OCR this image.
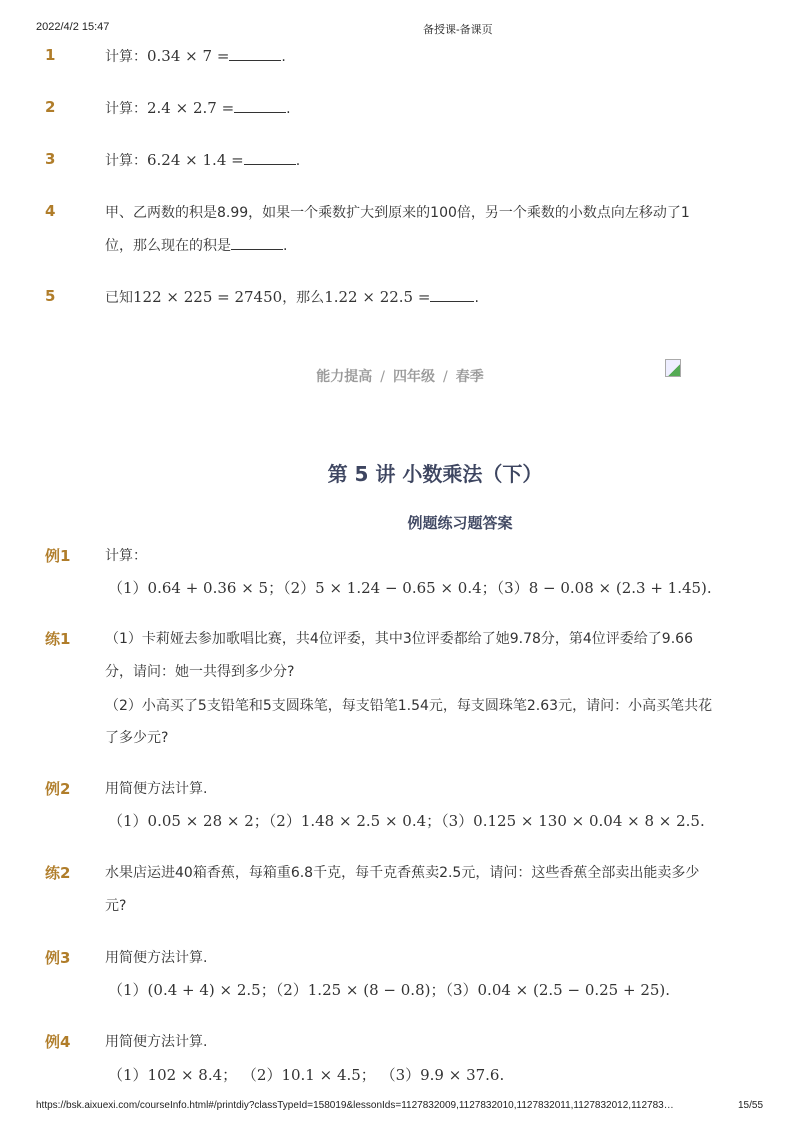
2022/4/2 15:47	备授课-备课页
1	计算：0.34 × 7 =	.
2	计算：2.4 × 2.7 =	.
3	计算：6.24 × 1.4 =	.
4	甲、乙两数的积是8.99，如果一个乘数扩大到原来的100倍，另一个乘数的小数点向左移动了1
位，那么现在的积是	.
5	已知122 × 225 = 27450，那么1.22 × 22.5 =	.
能力提高 / 四年级 / 春季
第 5 讲 小数乘法（下）
例题练习题答案
例1 计算：
（1）0.64 + 0.36 × 5；（2）5 × 1.24 − 0.65 × 0.4；（3）8 − 0.08 × (2.3 + 1.45).
练1 （1）卡莉娅去参加歌唱比赛，共4位评委，其中3位评委都给了她9.78分，第4位评委给了9.66
分，请问：她一共得到多少分?
（2）小高买了5支铅笔和5支圆珠笔，每支铅笔1.54元，每支圆珠笔2.63元，请问：小高买笔共花
了多少元?
例2 用简便方法计算.
（1）0.05 × 28 × 2；（2）1.48 × 2.5 × 0.4；（3）0.125 × 130 × 0.04 × 8 × 2.5.
练2 水果店运进40箱香蕉，每箱重6.8千克，每千克香蕉卖2.5元，请问：这些香蕉全部卖出能卖多少
元?
例3 用简便方法计算.
（1）(0.4 + 4) × 2.5；（2）1.25 × (8 − 0.8)；（3）0.04 × (2.5 − 0.25 + 25).
例4 用简便方法计算.
（1）102 × 8.4； （2）10.1 × 4.5； （3）9.9 × 37.6.
https://bsk.aixuexi.com/courseInfo.html#/printdiy?classTypeId=158019&lessonIds=1127832009,1127832010,1127832011,1127832012,112783…	15/55
